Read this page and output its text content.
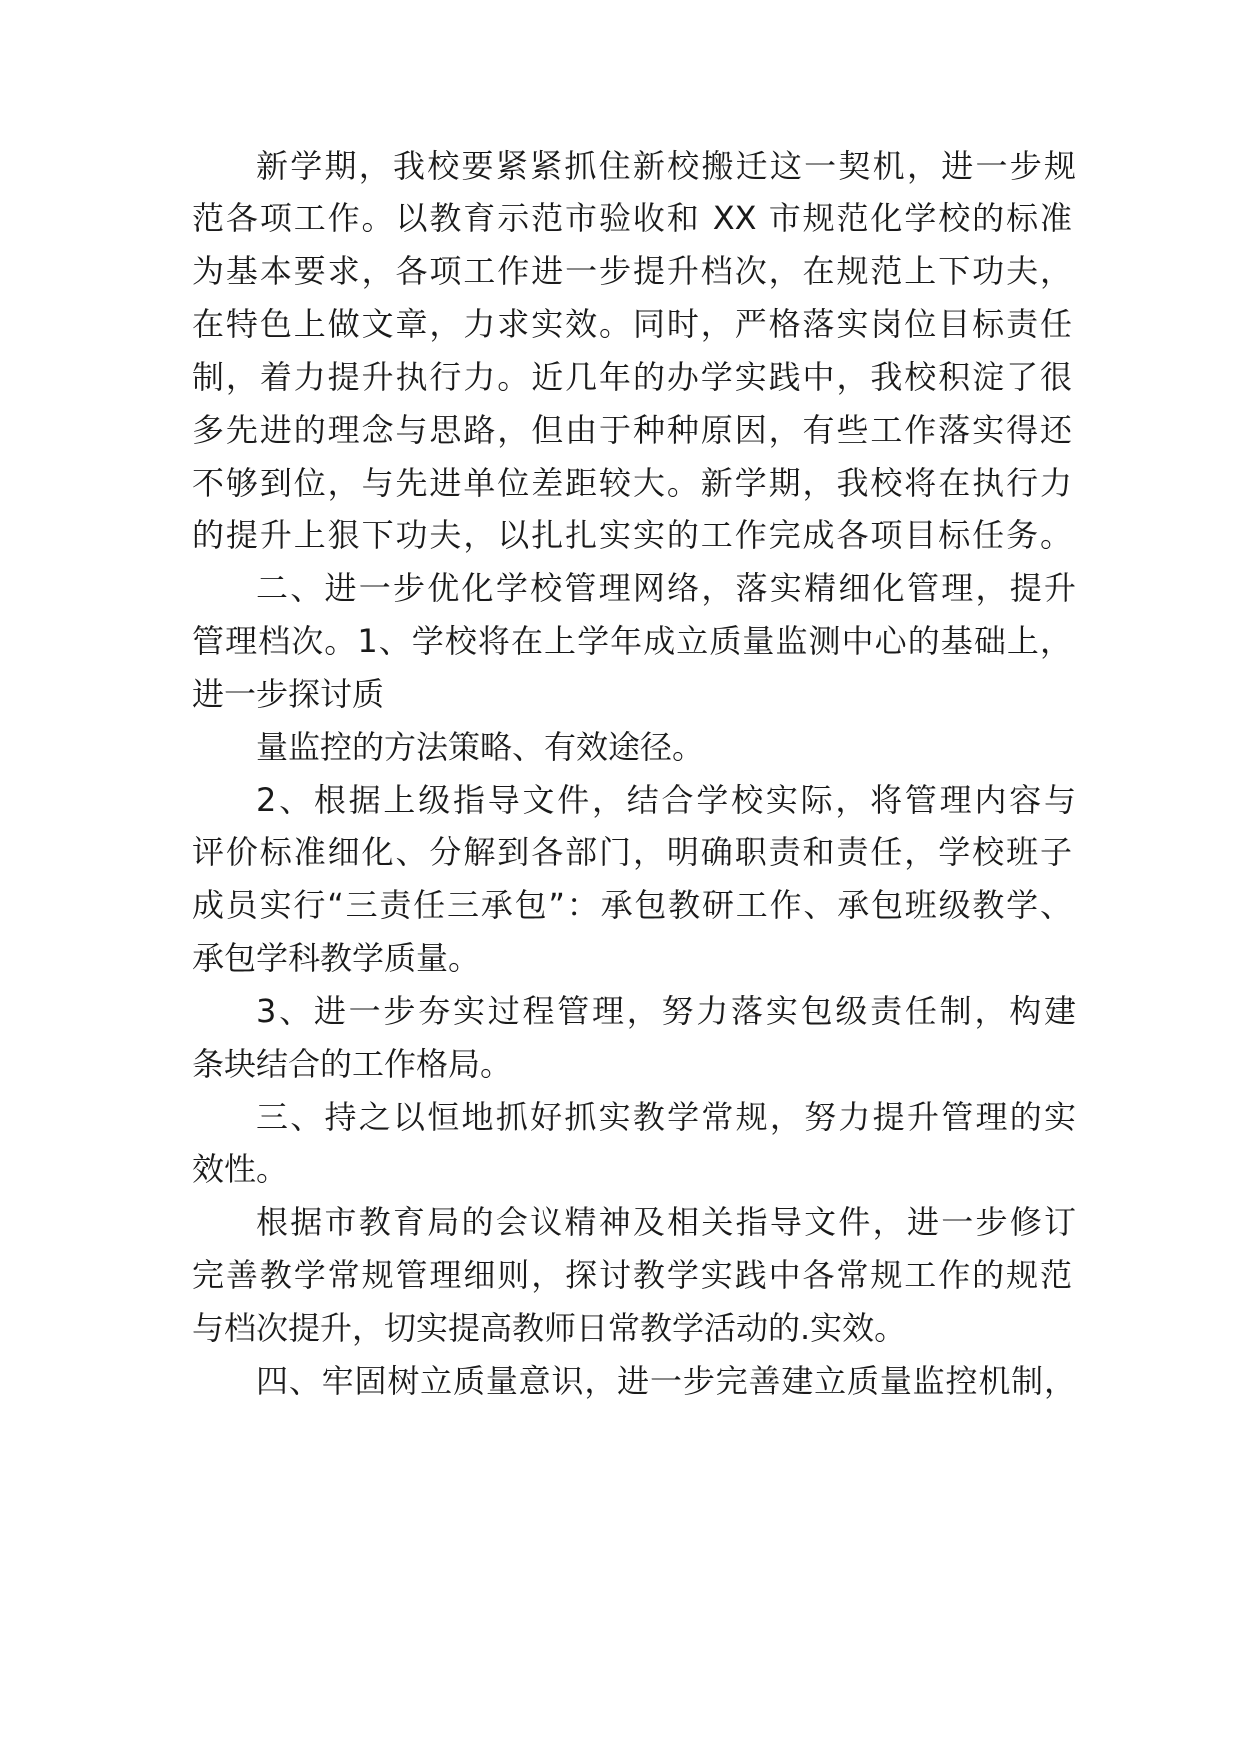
新学期，我校要紧紧抓住新校搬迁这一契机，进一步规
范各项工作。以教育示范市验收和 XX 市规范化学校的标准
为基本要求，各项工作进一步提升档次，在规范上下功夫，
在特色上做文章，力求实效。同时，严格落实岗位目标责任
制，着力提升执行力。近几年的办学实践中，我校积淀了很
多先进的理念与思路，但由于种种原因，有些工作落实得还
不够到位，与先进单位差距较大。新学期，我校将在执行力
的提升上狠下功夫，以扎扎实实的工作完成各项目标任务。
二、进一步优化学校管理网络，落实精细化管理，提升
管理档次。1、学校将在上学年成立质量监测中心的基础上，
进一步探讨质
量监控的方法策略、有效途径。
2、根据上级指导文件，结合学校实际，将管理内容与
评价标准细化、分解到各部门，明确职责和责任，学校班子
成员实行“三责任三承包”：承包教研工作、承包班级教学、
承包学科教学质量。
3、进一步夯实过程管理，努力落实包级责任制，构建
条块结合的工作格局。
三、持之以恒地抓好抓实教学常规，努力提升管理的实
效性。
根据市教育局的会议精神及相关指导文件，进一步修订
完善教学常规管理细则，探讨教学实践中各常规工作的规范
与档次提升，切实提高教师日常教学活动的.实效。
四、牢固树立质量意识，进一步完善建立质量监控机制，
